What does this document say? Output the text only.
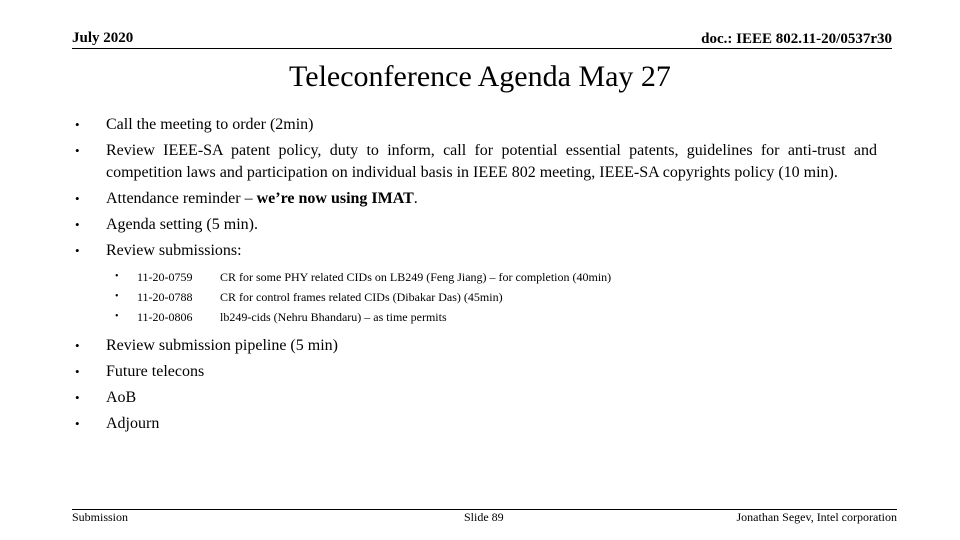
July 2020	doc.: IEEE 802.11-20/0537r30
Teleconference Agenda May 27
• Call the meeting to order (2min)
• Review IEEE-SA patent policy, duty to inform, call for potential essential patents, guidelines for anti-trust and competition laws and participation on individual basis in IEEE 802 meeting, IEEE-SA copyrights policy (10 min).
• Attendance reminder – we’re now using IMAT.
• Agenda setting (5 min).
• Review submissions:
• 11-20-0759 CR for some PHY related CIDs on LB249 (Feng Jiang) – for completion (40min)
• 11-20-0788 CR for control frames related CIDs (Dibakar Das) (45min)
• 11-20-0806 lb249-cids (Nehru Bhandaru) – as time permits
• Review submission pipeline (5 min)
• Future telecons
• AoB
• Adjourn
Submission	Slide 89	Jonathan Segev, Intel corporation
